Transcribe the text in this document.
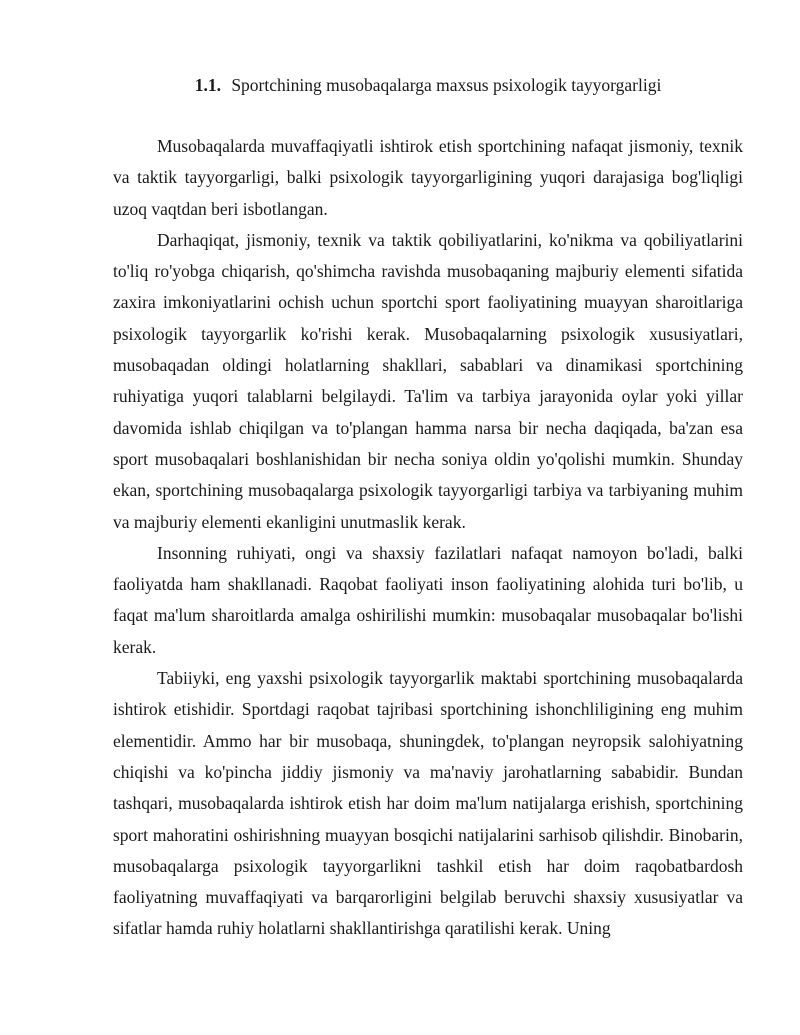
1.1. Sportchining musobaqalarga maxsus psixologik tayyorgarligi

Musobaqalarda muvaffaqiyatli ishtirok etish sportchining nafaqat jismoniy, texnik va taktik tayyorgarligi, balki psixologik tayyorgarligining yuqori darajasiga bog'liqligi uzoq vaqtdan beri isbotlangan.

Darhaqiqat, jismoniy, texnik va taktik qobiliyatlarini, ko'nikma va qobiliyatlarini to'liq ro'yobga chiqarish, qo'shimcha ravishda musobaqaning majburiy elementi sifatida zaxira imkoniyatlarini ochish uchun sportchi sport faoliyatining muayyan sharoitlariga psixologik tayyorgarlik ko'rishi kerak. Musobaqalarning psixologik xususiyatlari, musobaqadan oldingi holatlarning shakllari, sabablari va dinamikasi sportchining ruhiyatiga yuqori talablarni belgilaydi. Ta'lim va tarbiya jarayonida oylar yoki yillar davomida ishlab chiqilgan va to'plangan hamma narsa bir necha daqiqada, ba'zan esa sport musobaqalari boshlanishidan bir necha soniya oldin yo'qolishi mumkin. Shunday ekan, sportchining musobaqalarga psixologik tayyorgarligi tarbiya va tarbiyaning muhim va majburiy elementi ekanligini unutmaslik kerak.

Insonning ruhiyati, ongi va shaxsiy fazilatlari nafaqat namoyon bo'ladi, balki faoliyatda ham shakllanadi. Raqobat faoliyati inson faoliyatining alohida turi bo'lib, u faqat ma'lum sharoitlarda amalga oshirilishi mumkin: musobaqalar musobaqalar bo'lishi kerak.

Tabiiyki, eng yaxshi psixologik tayyorgarlik maktabi sportchining musobaqalarda ishtirok etishidir. Sportdagi raqobat tajribasi sportchining ishonchliligining eng muhim elementidir. Ammo har bir musobaqa, shuningdek, to'plangan neyropsik salohiyatning chiqishi va ko'pincha jiddiy jismoniy va ma'naviy jarohatlarning sababidir. Bundan tashqari, musobaqalarda ishtirok etish har doim ma'lum natijalarga erishish, sportchining sport mahoratini oshirishning muayyan bosqichi natijalarini sarhisob qilishdir. Binobarin, musobaqalarga psixologik tayyorgarlikni tashkil etish har doim raqobatbardosh faoliyatning muvaffaqiyati va barqarorligini belgilab beruvchi shaxsiy xususiyatlar va sifatlar hamda ruhiy holatlarni shakllantirishga qaratilishi kerak. Uning
